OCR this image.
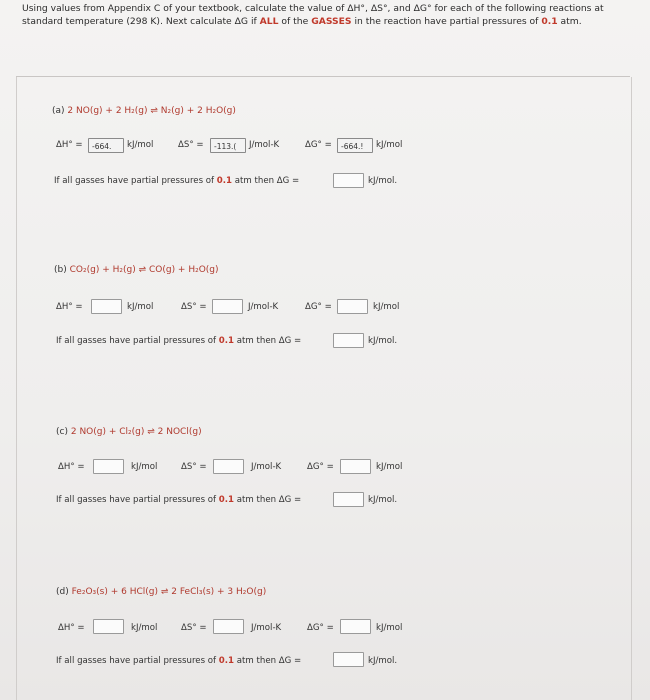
Using values from Appendix C of your textbook, calculate the value of ΔH°, ΔS°, and ΔG° for each of the following reactions at standard temperature (298 K). Next calculate ΔG if ALL of the GASSES in the reaction have partial pressures of 0.1 atm.
(a) 2 NO(g) + 2 H₂(g) ⇌ N₂(g) + 2 H₂O(g)
ΔH° =	-664.	kJ/mol	ΔS° =	-113.(	J/mol-K	ΔG° =	-664.!	kJ/mol
If all gasses have partial pressures of 0.1 atm then ΔG =	kJ/mol.
(b) CO₂(g) + H₂(g) ⇌ CO(g) + H₂O(g)
ΔH° =	kJ/mol	ΔS° =	J/mol-K	ΔG° =	kJ/mol
If all gasses have partial pressures of 0.1 atm then ΔG =	kJ/mol.
(c) 2 NO(g) + Cl₂(g) ⇌ 2 NOCl(g)
ΔH° =	kJ/mol	ΔS° =	J/mol-K	ΔG° =	kJ/mol
If all gasses have partial pressures of 0.1 atm then ΔG =	kJ/mol.
(d) Fe₂O₃(s) + 6 HCl(g) ⇌ 2 FeCl₃(s) + 3 H₂O(g)
ΔH° =	kJ/mol	ΔS° =	J/mol-K	ΔG° =	kJ/mol
If all gasses have partial pressures of 0.1 atm then ΔG =	kJ/mol.
